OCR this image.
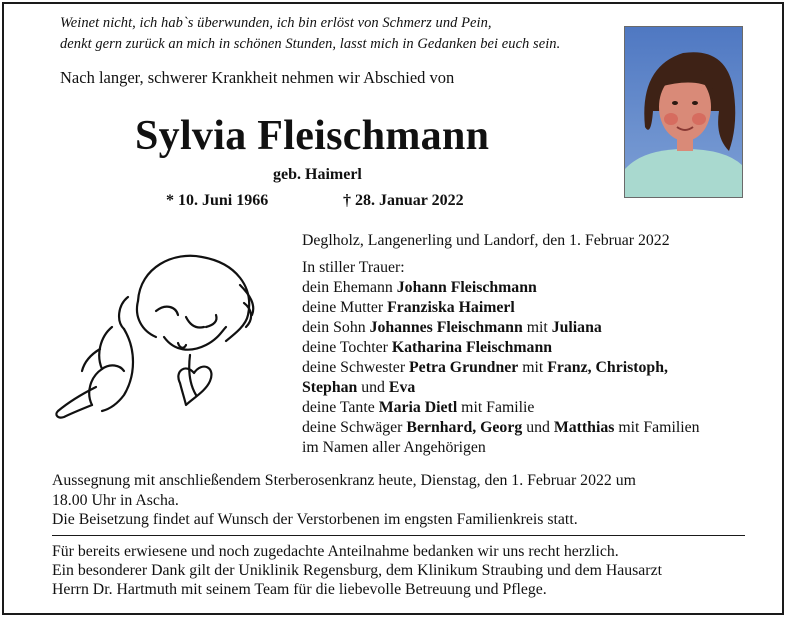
Weinet nicht, ich hab`s überwunden, ich bin erlöst von Schmerz und Pein,
denkt gern zurück an mich in schönen Stunden, lasst mich in Gedanken bei euch sein.
Nach langer, schwerer Krankheit nehmen wir Abschied von
Sylvia Fleischmann
geb. Haimerl
* 10. Juni 1966	† 28. Januar 2022
Deglholz, Langenerling und Landorf, den 1. Februar 2022
In stiller Trauer:
dein Ehemann Johann Fleischmann
deine Mutter Franziska Haimerl
dein Sohn Johannes Fleischmann mit Juliana
deine Tochter Katharina Fleischmann
deine Schwester Petra Grundner mit Franz, Christoph,
Stephan und Eva
deine Tante Maria Dietl mit Familie
deine Schwäger Bernhard, Georg und Matthias mit Familien
im Namen aller Angehörigen
Aussegnung mit anschließendem Sterberosenkranz heute, Dienstag, den 1. Februar 2022 um
18.00 Uhr in Ascha.
Die Beisetzung findet auf Wunsch der Verstorbenen im engsten Familienkreis statt.
Für bereits erwiesene und noch zugedachte Anteilnahme bedanken wir uns recht herzlich.
Ein besonderer Dank gilt der Uniklinik Regensburg, dem Klinikum Straubing und dem Hausarzt
Herrn Dr. Hartmuth mit seinem Team für die liebevolle Betreuung und Pflege.
